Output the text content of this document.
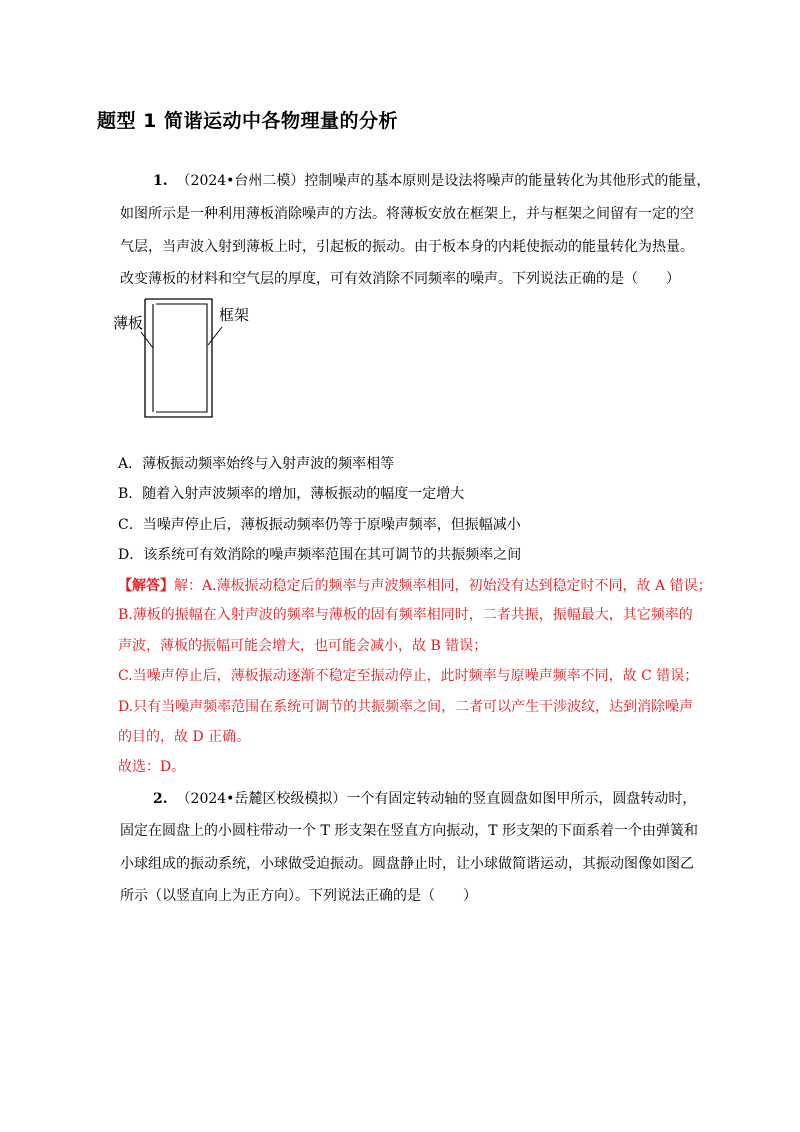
题型 1 简谐运动中各物理量的分析
1. （2024•台州二模）控制噪声的基本原则是设法将噪声的能量转化为其他形式的能量，
如图所示是一种利用薄板消除噪声的方法。将薄板安放在框架上，并与框架之间留有一定的空
气层，当声波入射到薄板上时，引起板的振动。由于板本身的内耗使振动的能量转化为热量。
改变薄板的材料和空气层的厚度，可有效消除不同频率的噪声。下列说法正确的是（　　）
薄板	框架
A．薄板振动频率始终与入射声波的频率相等
B．随着入射声波频率的增加，薄板振动的幅度一定增大
C．当噪声停止后，薄板振动频率仍等于原噪声频率，但振幅减小
D．该系统可有效消除的噪声频率范围在其可调节的共振频率之间
【解答】解：A.薄板振动稳定后的频率与声波频率相同，初始没有达到稳定时不同，故 A 错误；
B.薄板的振幅在入射声波的频率与薄板的固有频率相同时，二者共振，振幅最大，其它频率的
声波，薄板的振幅可能会增大，也可能会减小，故 B 错误；
C.当噪声停止后，薄板振动逐渐不稳定至振动停止，此时频率与原噪声频率不同，故 C 错误；
D.只有当噪声频率范围在系统可调节的共振频率之间，二者可以产生干涉波纹，达到消除噪声
的目的，故 D 正确。
故选：D。
2. （2024•岳麓区校级模拟）一个有固定转动轴的竖直圆盘如图甲所示，圆盘转动时，
固定在圆盘上的小圆柱带动一个 T 形支架在竖直方向振动，T 形支架的下面系着一个由弹簧和
小球组成的振动系统，小球做受迫振动。圆盘静止时，让小球做简谐运动，其振动图像如图乙
所示（以竖直向上为正方向）。下列说法正确的是（　　）
